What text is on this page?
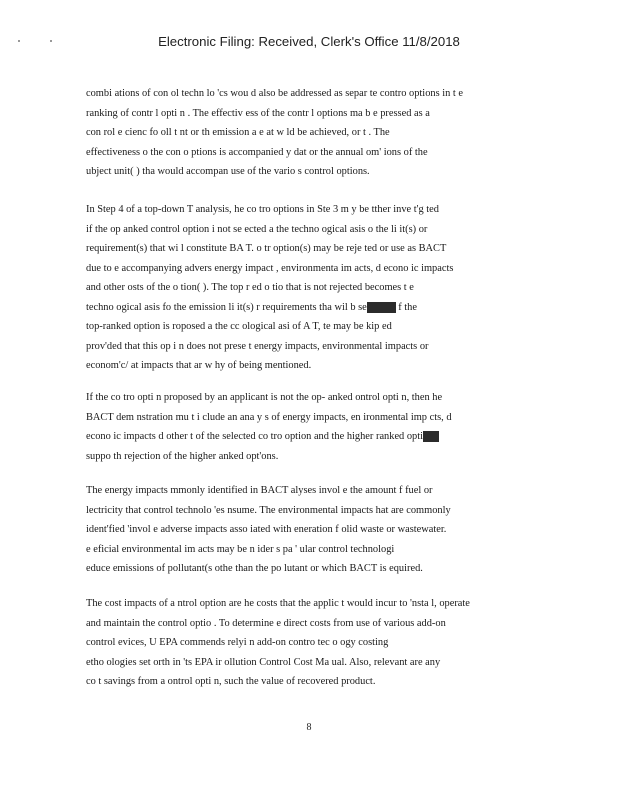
Electronic Filing: Received, Clerk's Office 11/8/2018
combi ations of con ol techn lo 'cs wou d also be addressed as separ te contro options in t e
ranking of contr l opti n . The effectiv ess of the contr l options ma b e pressed as a
con rol e cienc fo oll t nt or th emission a e at w ld be achieved, or t . The
effectiveness o the con o ptions is accompanied y dat or the annual om' ions of the
ubject unit( ) tha would accompan use of the vario s control options.
In Step 4 of a top-down T analysis, he co tro options in Ste 3 m y be tther inve t'g ted
if the op anked control option i not se ected a the techno ogical asis o the li it(s) or
requirement(s) that wi l constitute BA T. o tr option(s) may be reje ted or use as BACT
due to e accompanying advers energy impact , environmenta im acts, d econo ic impacts
and other osts of the o tion( ). The top r ed o tio that is not rejected becomes t e
techno ogical asis fo the emission li it(s) r requirements tha wil b se	f the
top-ranked option is roposed a the cc ological asi of A T, te may be kip ed
prov'ded that this op i n does not prese t energy impacts, environmental impacts or
econom'c/ at impacts that ar w hy of being mentioned.
If the co tro opti n proposed by an applicant is not the op- anked ontrol opti n, then he
BACT dem nstration mu t i clude an ana y s of energy impacts, en ironmental imp cts, d
econo ic impacts d other t of the selected co tro option and the higher ranked opti
suppo th rejection of the higher anked opt'ons.
The energy impacts mmonly identified in BACT alyses invol e the amount f fuel or
lectricity that control technolo 'es nsume. The environmental impacts hat are commonly
ident'fied 'invol e adverse impacts asso iated with eneration f olid waste or wastewater.
e eficial environmental im acts may be n ider s pa ' ular control technologi
educe emissions of pollutant(s othe than the po lutant or which BACT is equired.
The cost impacts of a ntrol option are he costs that the applic t would incur to 'nsta l, operate
and maintain the control optio . To determine e direct costs from use of various add-on
control evices, U EPA commends relyi n add-on contro tec o ogy costing
etho ologies set orth in 'ts EPA ir ollution Control Cost Ma ual. Also, relevant are any
co t savings from a ontrol opti n, such the value of recovered product.
8
